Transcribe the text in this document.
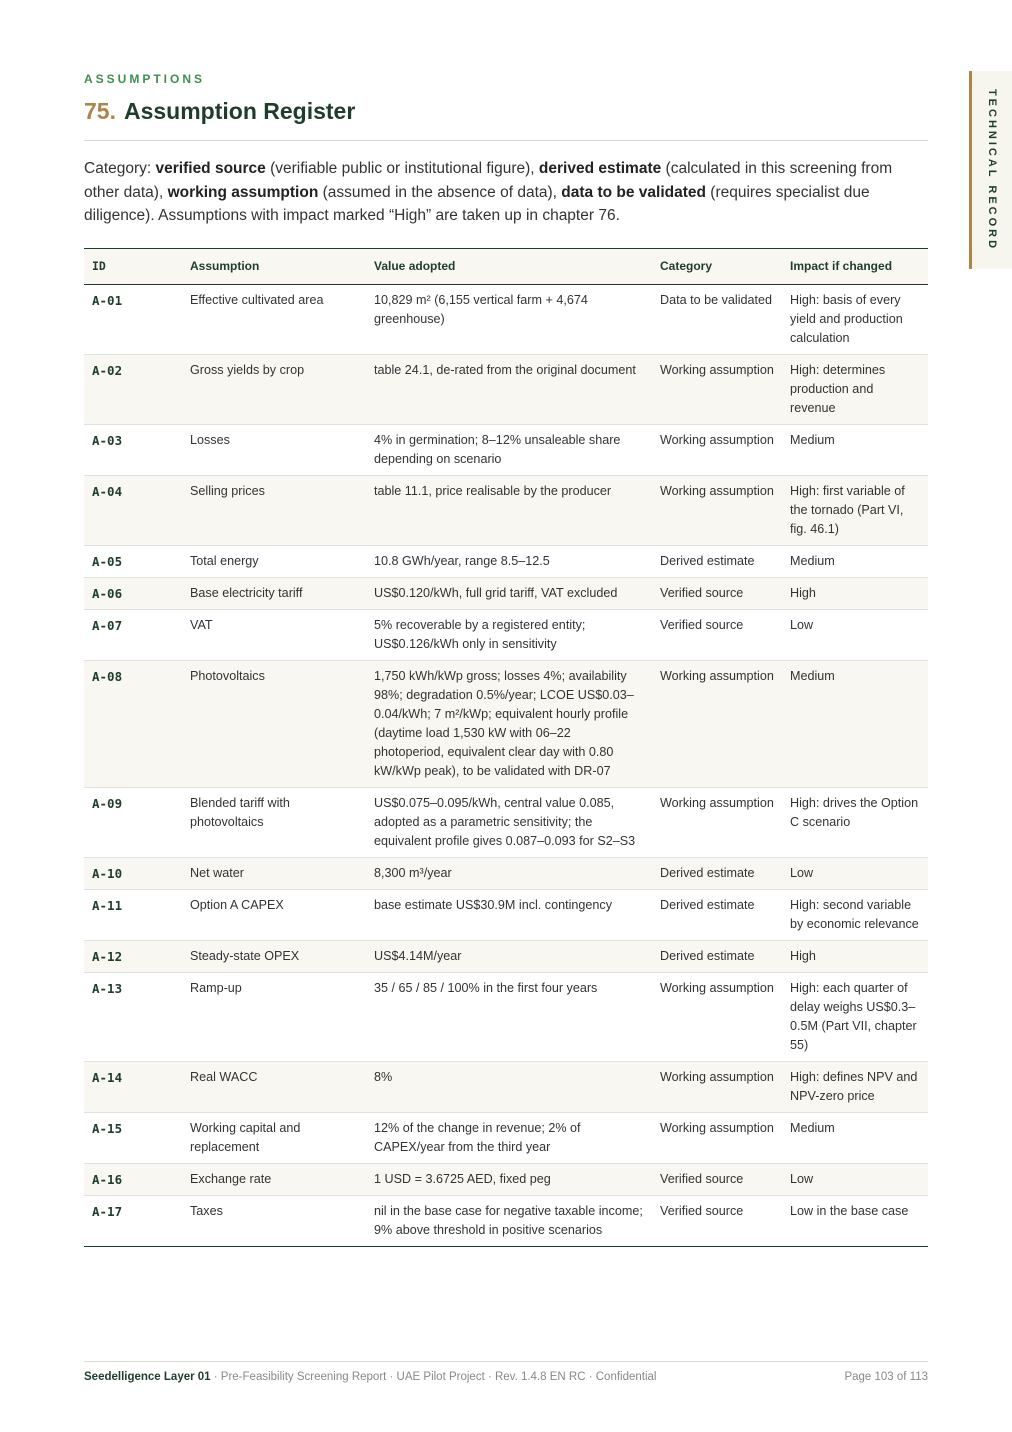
TECHNICAL RECORD
ASSUMPTIONS
75. Assumption Register

Category: verified source (verifiable public or institutional figure), derived estimate (calculated in this screening from other data), working assumption (assumed in the absence of data), data to be validated (requires specialist due diligence). Assumptions with impact marked “High” are taken up in chapter 76.

ID	Assumption	Value adopted	Category	Impact if changed
A-01	Effective cultivated area	10,829 m² (6,155 vertical farm + 4,674 greenhouse)	Data to be validated	High: basis of every yield and production calculation
A-02	Gross yields by crop	table 24.1, de-rated from the original document	Working assumption	High: determines production and revenue
A-03	Losses	4% in germination; 8–12% unsaleable share depending on scenario	Working assumption	Medium
A-04	Selling prices	table 11.1, price realisable by the producer	Working assumption	High: first variable of the tornado (Part VI, fig. 46.1)
A-05	Total energy	10.8 GWh/year, range 8.5–12.5	Derived estimate	Medium
A-06	Base electricity tariff	US$0.120/kWh, full grid tariff, VAT excluded	Verified source	High
A-07	VAT	5% recoverable by a registered entity; US$0.126/kWh only in sensitivity	Verified source	Low
A-08	Photovoltaics	1,750 kWh/kWp gross; losses 4%; availability 98%; degradation 0.5%/year; LCOE US$0.03–0.04/kWh; 7 m²/kWp; equivalent hourly profile (daytime load 1,530 kW with 06–22 photoperiod, equivalent clear day with 0.80 kW/kWp peak), to be validated with DR-07	Working assumption	Medium
A-09	Blended tariff with photovoltaics	US$0.075–0.095/kWh, central value 0.085, adopted as a parametric sensitivity; the equivalent profile gives 0.087–0.093 for S2–S3	Working assumption	High: drives the Option C scenario
A-10	Net water	8,300 m³/year	Derived estimate	Low
A-11	Option A CAPEX	base estimate US$30.9M incl. contingency	Derived estimate	High: second variable by economic relevance
A-12	Steady-state OPEX	US$4.14M/year	Derived estimate	High
A-13	Ramp-up	35 / 65 / 85 / 100% in the first four years	Working assumption	High: each quarter of delay weighs US$0.3–0.5M (Part VII, chapter 55)
A-14	Real WACC	8%	Working assumption	High: defines NPV and NPV-zero price
A-15	Working capital and replacement	12% of the change in revenue; 2% of CAPEX/year from the third year	Working assumption	Medium
A-16	Exchange rate	1 USD = 3.6725 AED, fixed peg	Verified source	Low
A-17	Taxes	nil in the base case for negative taxable income; 9% above threshold in positive scenarios	Verified source	Low in the base case
Seedelligence Layer 01 · Pre-Feasibility Screening Report · UAE Pilot Project · Rev. 1.4.8 EN RC · Confidential	Page 103 of 113
